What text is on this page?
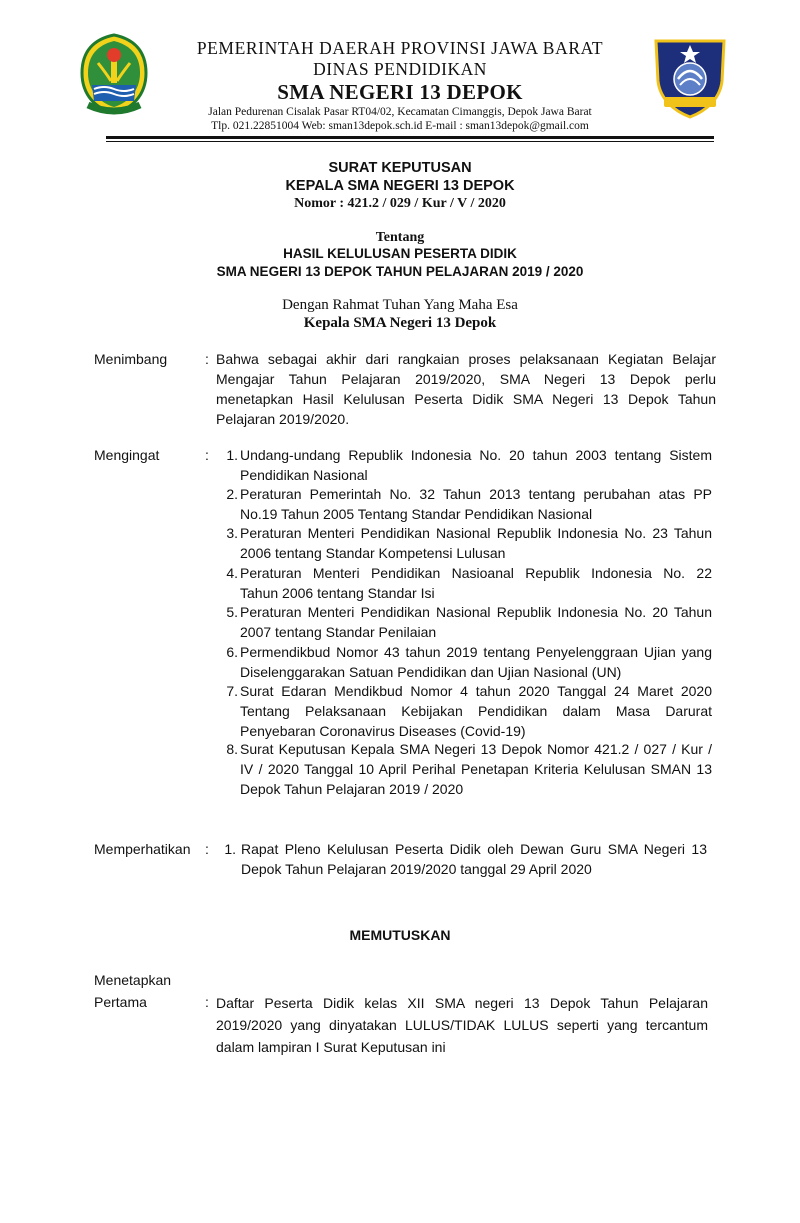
PEMERINTAH DAERAH PROVINSI JAWA BARAT
DINAS PENDIDIKAN
SMA NEGERI 13 DEPOK
Jalan Pedurenan Cisalak Pasar RT04/02, Kecamatan Cimanggis, Depok Jawa Barat
Tlp. 021.22851004 Web: sman13depok.sch.id E-mail : sman13depok@gmail.com
SURAT KEPUTUSAN
KEPALA SMA NEGERI 13 DEPOK
Nomor : 421.2 / 029 / Kur / V / 2020
Tentang
HASIL KELULUSAN PESERTA DIDIK
SMA NEGERI 13 DEPOK TAHUN PELAJARAN 2019 / 2020
Dengan Rahmat Tuhan Yang Maha Esa
Kepala SMA Negeri 13 Depok
Menimbang	: Bahwa sebagai akhir dari rangkaian proses pelaksanaan Kegiatan Belajar
Mengajar Tahun Pelajaran 2019/2020, SMA Negeri 13 Depok perlu
menetapkan Hasil Kelulusan Peserta Didik SMA Negeri 13 Depok Tahun
Pelajaran 2019/2020.
Mengingat	:	1. Undang-undang Republik Indonesia No. 20 tahun 2003 tentang Sistem
Pendidikan Nasional
2. Peraturan Pemerintah No. 32 Tahun 2013 tentang perubahan atas PP
No.19 Tahun 2005 Tentang Standar Pendidikan Nasional
3. Peraturan Menteri Pendidikan Nasional Republik Indonesia No. 23 Tahun
2006 tentang Standar Kompetensi Lulusan
4. Peraturan Menteri Pendidikan Nasioanal Republik Indonesia No. 22
Tahun 2006 tentang Standar Isi
5. Peraturan Menteri Pendidikan Nasional Republik Indonesia No. 20 Tahun
2007 tentang Standar Penilaian
6. Permendikbud Nomor 43 tahun 2019 tentang Penyelenggraan Ujian yang
Diselenggarakan Satuan Pendidikan dan Ujian Nasional (UN)
7. Surat Edaran Mendikbud Nomor 4 tahun 2020 Tanggal 24 Maret 2020
Tentang Pelaksanaan Kebijakan Pendidikan dalam Masa Darurat
Penyebaran Coronavirus Diseases (Covid-19)
8. Surat Keputusan Kepala SMA Negeri 13 Depok Nomor 421.2 / 027 / Kur /
IV / 2020 Tanggal 10 April Perihal Penetapan Kriteria Kelulusan SMAN 13
Depok Tahun Pelajaran 2019 / 2020
Memperhatikan :	1. Rapat Pleno Kelulusan Peserta Didik oleh Dewan Guru SMA Negeri 13
Depok Tahun Pelajaran 2019/2020 tanggal 29 April 2020
MEMUTUSKAN
Menetapkan
Pertama	: Daftar Peserta Didik kelas XII SMA negeri 13 Depok Tahun Pelajaran
2019/2020 yang dinyatakan LULUS/TIDAK LULUS seperti yang tercantum
dalam lampiran I Surat Keputusan ini
